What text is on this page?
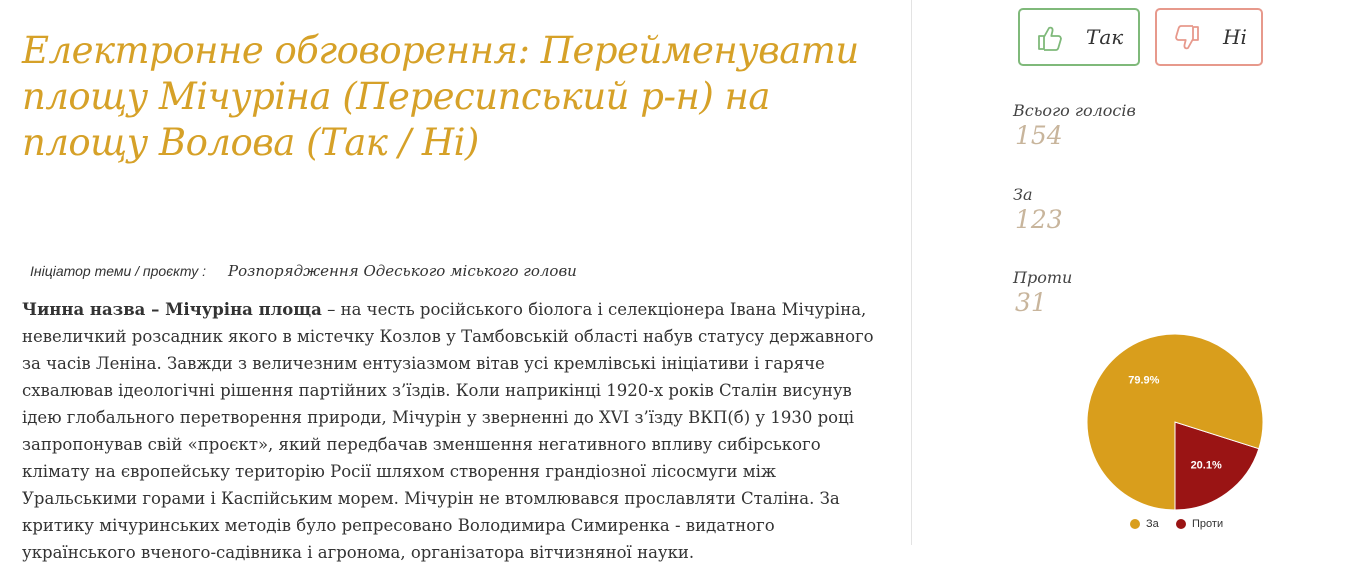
Електронне обговорення: Перейменувати площу Мічуріна (Пересипський р-н) на площу Волова (Так / Ні)
Ініціатор теми / проєкту : Розпорядження Одеського міського голови

Чинна назва – Мічуріна площа – на честь російського біолога і селекціонера Івана Мічуріна, невеличкий розсадник якого в містечку Козлов у Тамбовській області набув статусу державного за часів Леніна. Завжди з величезним ентузіазмом вітав усі кремлівські ініціативи і гаряче схвалював ідеологічні рішення партійних з’їздів. Коли наприкінці 1920-х років Сталін висунув ідею глобального перетворення природи, Мічурін у зверненні до XVI з’їзду ВКП(б) у 1930 році запропонував свій «проєкт», який передбачав зменшення негативного впливу сибірського клімату на європейську територію Росії шляхом створення грандіозної лісосмуги між Уральськими горами і Каспійським морем. Мічурін не втомлювався прославляти Сталіна. За критику мічуринських методів було репресовано Володимира Симиренка - видатного українського вченого-садівника і агронома, організатора вітчизняної науки.

Так	Ні
Всього голосів
154
За
123
Проти
31
20.1%
79.9%
За	Проти
